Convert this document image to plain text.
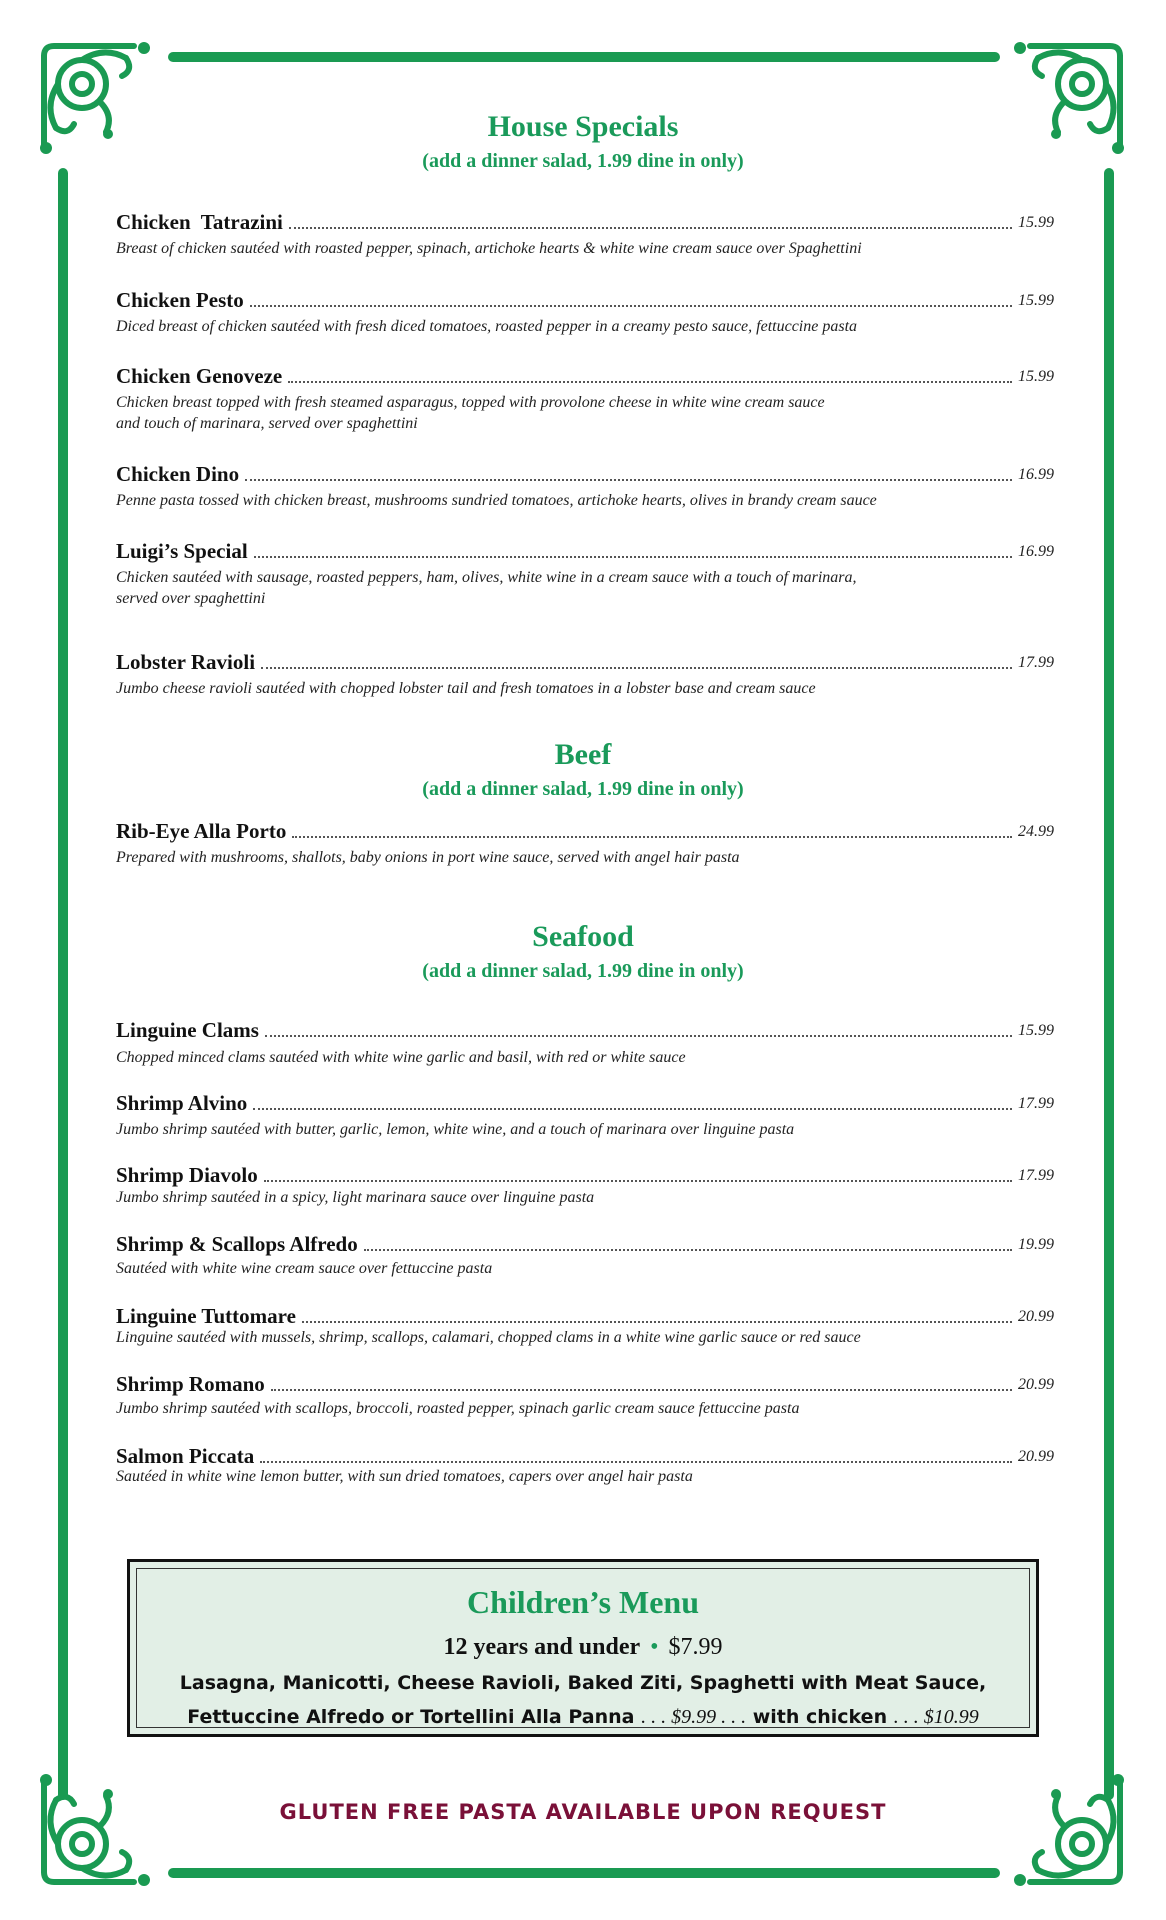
House Specials
(add a dinner salad, 1.99 dine in only)
Chicken  Tatrazini	15.99
Breast of chicken sautéed with roasted pepper, spinach, artichoke hearts & white wine cream sauce over Spaghettini
Chicken Pesto	15.99
Diced breast of chicken sautéed with fresh diced tomatoes, roasted pepper in a creamy pesto sauce, fettuccine pasta
Chicken Genoveze	15.99
Chicken breast topped with fresh steamed asparagus, topped with provolone cheese in white wine cream sauce
and touch of marinara, served over spaghettini
Chicken Dino	16.99
Penne pasta tossed with chicken breast, mushrooms sundried tomatoes, artichoke hearts, olives in brandy cream sauce
Luigi’s Special	16.99
Chicken sautéed with sausage, roasted peppers, ham, olives, white wine in a cream sauce with a touch of marinara,
served over spaghettini
Lobster Ravioli	17.99
Jumbo cheese ravioli sautéed with chopped lobster tail and fresh tomatoes in a lobster base and cream sauce
Beef
(add a dinner salad, 1.99 dine in only)
Rib-Eye Alla Porto	24.99
Prepared with mushrooms, shallots, baby onions in port wine sauce, served with angel hair pasta
Seafood
(add a dinner salad, 1.99 dine in only)
Linguine Clams	15.99
Chopped minced clams sautéed with white wine garlic and basil, with red or white sauce
Shrimp Alvino	17.99
Jumbo shrimp sautéed with butter, garlic, lemon, white wine, and a touch of marinara over linguine pasta
Shrimp Diavolo	17.99
Jumbo shrimp sautéed in a spicy, light marinara sauce over linguine pasta
Shrimp & Scallops Alfredo	19.99
Sautéed with white wine cream sauce over fettuccine pasta
Linguine Tuttomare	20.99
Linguine sautéed with mussels, shrimp, scallops, calamari, chopped clams in a white wine garlic sauce or red sauce
Shrimp Romano	20.99
Jumbo shrimp sautéed with scallops, broccoli, roasted pepper, spinach garlic cream sauce fettuccine pasta
Salmon Piccata	20.99
Sautéed in white wine lemon butter, with sun dried tomatoes, capers over angel hair pasta
Children’s Menu
12 years and under • $7.99
Lasagna, Manicotti, Cheese Ravioli, Baked Ziti, Spaghetti with Meat Sauce,
Fettuccine Alfredo or Tortellini Alla Panna . . . $9.99 . . . with chicken . . . $10.99
GLUTEN FREE PASTA AVAILABLE UPON REQUEST
